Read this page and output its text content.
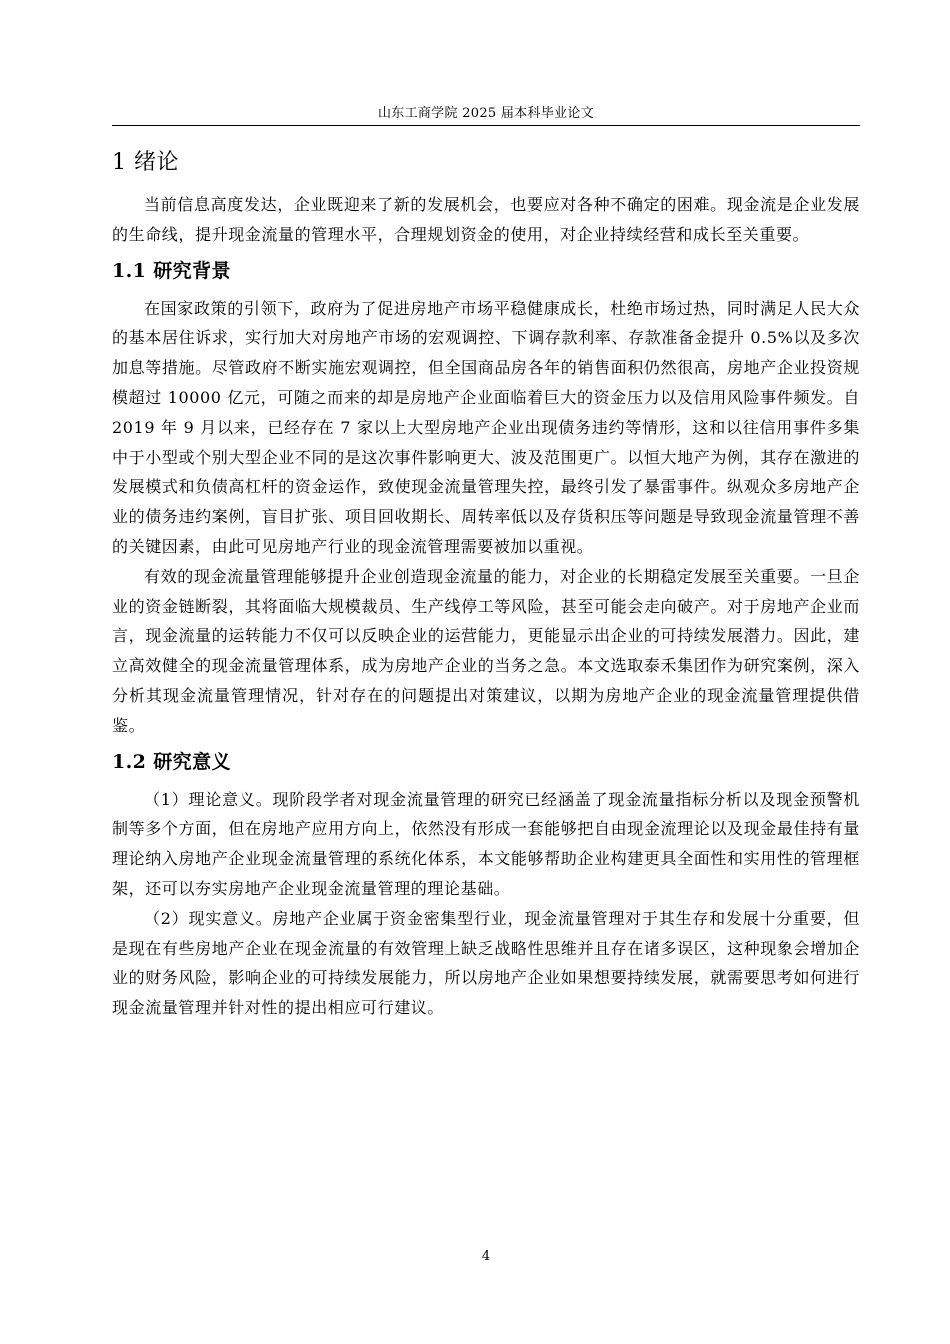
山东工商学院 2025 届本科毕业论文
1 绪论

当前信息高度发达，企业既迎来了新的发展机会，也要应对各种不确定的困难。现金流是企业发展的生命线，提升现金流量的管理水平，合理规划资金的使用，对企业持续经营和成长至关重要。

1.1 研究背景

在国家政策的引领下，政府为了促进房地产市场平稳健康成长，杜绝市场过热，同时满足人民大众的基本居住诉求，实行加大对房地产市场的宏观调控、下调存款利率、存款准备金提升 0.5%以及多次加息等措施。尽管政府不断实施宏观调控，但全国商品房各年的销售面积仍然很高，房地产企业投资规模超过 10000 亿元，可随之而来的却是房地产企业面临着巨大的资金压力以及信用风险事件频发。自 2019 年 9 月以来，已经存在 7 家以上大型房地产企业出现债务违约等情形，这和以往信用事件多集中于小型或个别大型企业不同的是这次事件影响更大、波及范围更广。以恒大地产为例，其存在激进的发展模式和负债高杠杆的资金运作，致使现金流量管理失控，最终引发了暴雷事件。纵观众多房地产企业的债务违约案例，盲目扩张、项目回收期长、周转率低以及存货积压等问题是导致现金流量管理不善的关键因素，由此可见房地产行业的现金流管理需要被加以重视。

有效的现金流量管理能够提升企业创造现金流量的能力，对企业的长期稳定发展至关重要。一旦企业的资金链断裂，其将面临大规模裁员、生产线停工等风险，甚至可能会走向破产。对于房地产企业而言，现金流量的运转能力不仅可以反映企业的运营能力，更能显示出企业的可持续发展潜力。因此，建立高效健全的现金流量管理体系，成为房地产企业的当务之急。本文选取泰禾集团作为研究案例，深入分析其现金流量管理情况，针对存在的问题提出对策建议，以期为房地产企业的现金流量管理提供借鉴。

1.2 研究意义

（1）理论意义。现阶段学者对现金流量管理的研究已经涵盖了现金流量指标分析以及现金预警机制等多个方面，但在房地产应用方向上，依然没有形成一套能够把自由现金流理论以及现金最佳持有量理论纳入房地产企业现金流量管理的系统化体系，本文能够帮助企业构建更具全面性和实用性的管理框架，还可以夯实房地产企业现金流量管理的理论基础。

（2）现实意义。房地产企业属于资金密集型行业，现金流量管理对于其生存和发展十分重要，但是现在有些房地产企业在现金流量的有效管理上缺乏战略性思维并且存在诸多误区，这种现象会增加企业的财务风险，影响企业的可持续发展能力，所以房地产企业如果想要持续发展，就需要思考如何进行现金流量管理并针对性的提出相应可行建议。

4
